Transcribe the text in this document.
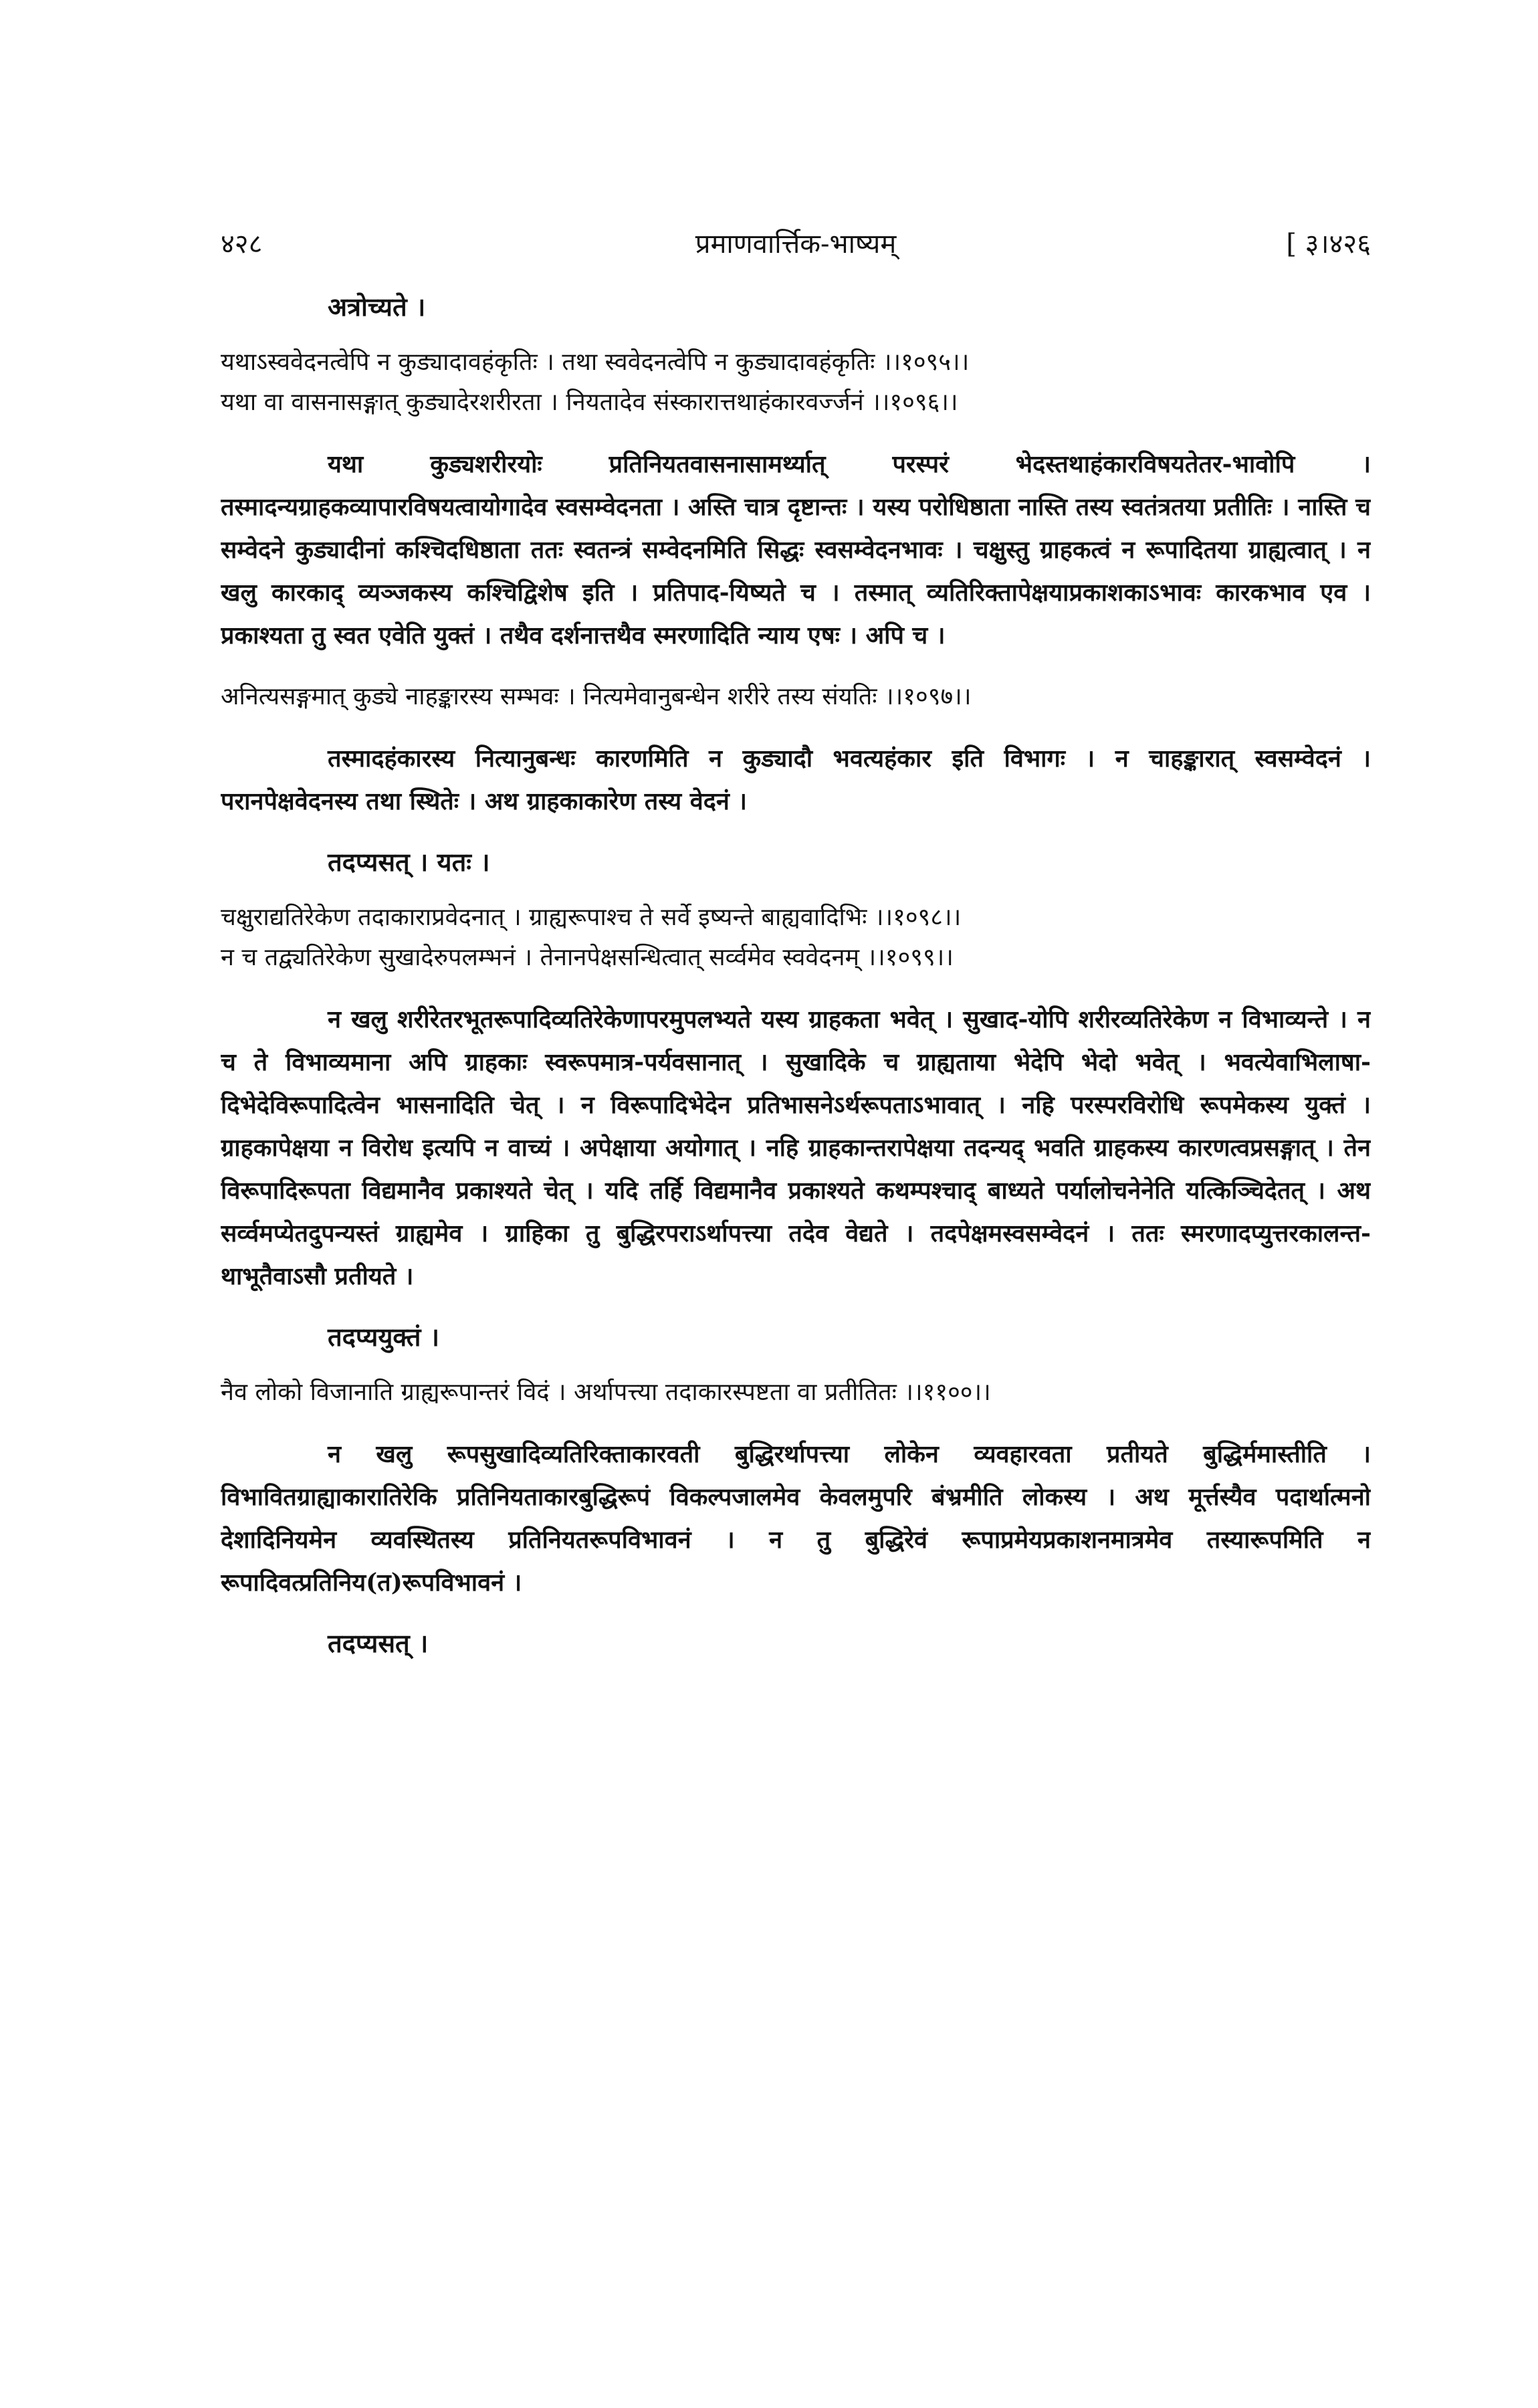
४२८	प्रमाणवार्त्तिक-भाष्यम्	[ ३।४२६

अत्रोच्यते ।

यथाऽस्ववेदनत्वेपि न कुड्यादावहंकृतिः । तथा स्ववेदनत्वेपि न कुड्यादावहंकृतिः ।।१०९५।।

यथा वा वासनासङ्गात् कुड्यादेरशरीरता । नियतादेव संस्कारात्तथाहंकारवर्ज्जनं ।।१०९६।।

यथा कुड्यशरीरयोः प्रतिनियतवासनासामर्थ्यात् परस्परं भेदस्तथाहंकारविषयतेतर-भावोपि । तस्मादन्यग्राहकव्यापारविषयत्वायोगादेव स्वसम्वेदनता । अस्ति चात्र दृष्टान्तः । यस्य परोधिष्ठाता नास्ति तस्य स्वतंत्रतया प्रतीतिः । नास्ति च सम्वेदने कुड्यादीनां कश्चिदधिष्ठाता ततः स्वतन्त्रं सम्वेदनमिति सिद्धः स्वसम्वेदनभावः । चक्षुस्तु ग्राहकत्वं न रूपादितया ग्राह्यत्वात् । न खलु कारकाद् व्यञ्जकस्य कश्चिद्विशेष इति । प्रतिपाद-यिष्यते च । तस्मात् व्यतिरिक्तापेक्षयाप्रकाशकाऽभावः कारकभाव एव । प्रकाश्यता तु स्वत एवेति युक्तं । तथैव दर्शनात्तथैव स्मरणादिति न्याय एषः । अपि च ।

अनित्यसङ्गमात् कुड्ये नाहङ्कारस्य सम्भवः । नित्यमेवानुबन्धेन शरीरे तस्य संयतिः ।।१०९७।।

तस्मादहंकारस्य नित्यानुबन्धः कारणमिति न कुड्यादौ भवत्यहंकार इति विभागः । न चाहङ्कारात् स्वसम्वेदनं । परानपेक्षवेदनस्य तथा स्थितेः । अथ ग्राहकाकारेण तस्य वेदनं ।

तदप्यसत् । यतः ।

चक्षुराद्यतिरेकेण तदाकाराप्रवेदनात् । ग्राह्यरूपाश्च ते सर्वे इष्यन्ते बाह्यवादिभिः ।।१०९८।।

न च तद्व्यतिरेकेण सुखादेरुपलम्भनं । तेनानपेक्षसन्धित्वात् सर्व्वमेव स्ववेदनम् ।।१०९९।।

न खलु शरीरेतरभूतरूपादिव्यतिरेकेणापरमुपलभ्यते यस्य ग्राहकता भवेत् । सुखाद-योपि शरीरव्यतिरेकेण न विभाव्यन्ते । न च ते विभाव्यमाना अपि ग्राहकाः स्वरूपमात्र-पर्यवसानात् । सुखादिके च ग्राह्यताया भेदेपि भेदो भवेत् । भवत्येवाभिलाषा-दिभेदेविरूपादित्वेन भासनादिति चेत् । न विरूपादिभेदेन प्रतिभासनेऽर्थरूपताऽभावात् । नहि परस्परविरोधि रूपमेकस्य युक्तं । ग्राहकापेक्षया न विरोध इत्यपि न वाच्यं । अपेक्षाया अयोगात् । नहि ग्राहकान्तरापेक्षया तदन्यद् भवति ग्राहकस्य कारणत्वप्रसङ्गात् । तेन विरूपादिरूपता विद्यमानैव प्रकाश्यते चेत् । यदि तर्हि विद्यमानैव प्रकाश्यते कथम्पश्चाद् बाध्यते पर्यालोचनेनेति यत्किञ्चिदेतत् । अथ सर्व्वमप्येतदुपन्यस्तं ग्राह्यमेव । ग्राहिका तु बुद्धिरपराऽर्थापत्त्या तदेव वेद्यते । तदपेक्षमस्वसम्वेदनं । ततः स्मरणादप्युत्तरकालन्त-थाभूतैवाऽसौ प्रतीयते ।

तदप्ययुक्तं ।

नैव लोको विजानाति ग्राह्यरूपान्तरं विदं । अर्थापत्त्या तदाकारस्पष्टता वा प्रतीतितः ।।११००।।

न खलु रूपसुखादिव्यतिरिक्ताकारवती बुद्धिरर्थापत्त्या लोकेन व्यवहारवता प्रतीयते बुद्धिर्ममास्तीति । विभावितग्राह्याकारातिरेकि प्रतिनियताकारबुद्धिरूपं विकल्पजालमेव केवलमुपरि बंभ्रमीति लोकस्य । अथ मूर्त्तस्यैव पदार्थात्मनो देशादिनियमेन व्यवस्थितस्य प्रतिनियतरूपविभावनं । न तु बुद्धिरेवं रूपाप्रमेयप्रकाशनमात्रमेव तस्यारूपमिति न रूपादिवत्प्रतिनिय(त)रूपविभावनं ।

तदप्यसत् ।
